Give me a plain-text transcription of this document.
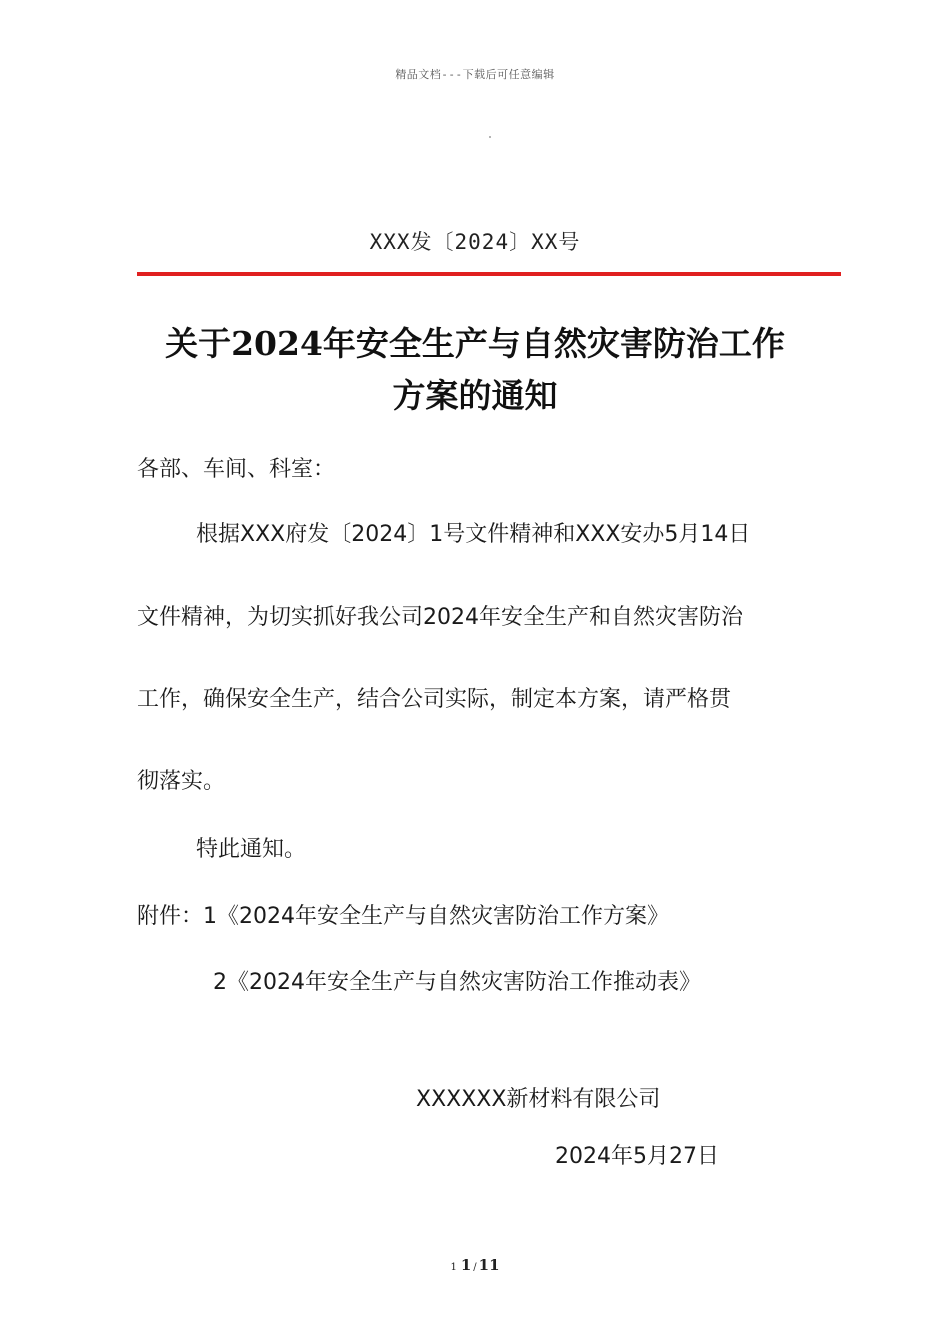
精品文档---下载后可任意编辑
XXX发〔2024〕XX号
关于2024年安全生产与自然灾害防治工作
方案的通知
各部、车间、科室：
根据XXX府发〔2024〕1号文件精神和XXX安办5月14日
文件精神，为切实抓好我公司2024年安全生产和自然灾害防治
工作，确保安全生产，结合公司实际，制定本方案，请严格贯
彻落实。
特此通知。
附件：1《2024年安全生产与自然灾害防治工作方案》
2《2024年安全生产与自然灾害防治工作推动表》
XXXXXX新材料有限公司
2024年5月27日
1 1 / 11
